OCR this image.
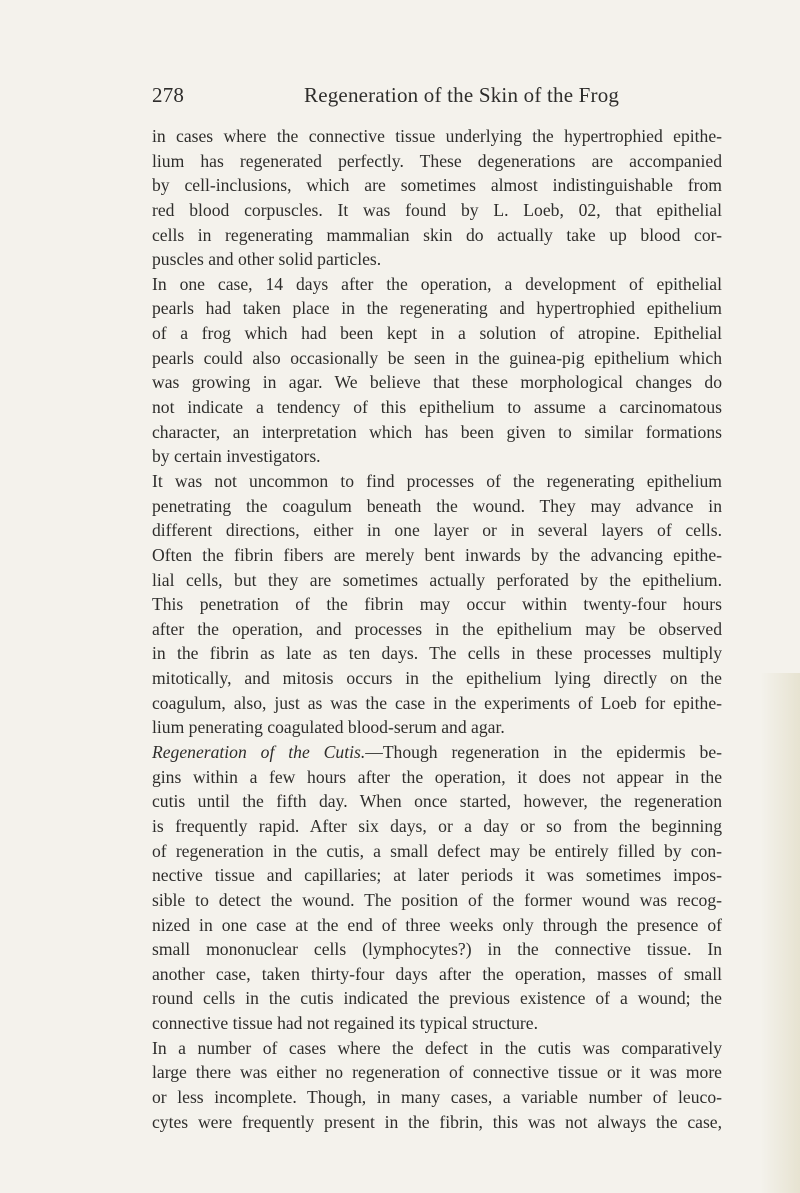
278	Regeneration of the Skin of the Frog
in cases where the connective tissue underlying the hypertrophied epithe-
lium has regenerated perfectly. These degenerations are accompanied
by cell-inclusions, which are sometimes almost indistinguishable from
red blood corpuscles. It was found by L. Loeb, 02, that epithelial
cells in regenerating mammalian skin do actually take up blood cor-
puscles and other solid particles.
In one case, 14 days after the operation, a development of epithelial
pearls had taken place in the regenerating and hypertrophied epithelium
of a frog which had been kept in a solution of atropine. Epithelial
pearls could also occasionally be seen in the guinea-pig epithelium which
was growing in agar. We believe that these morphological changes do
not indicate a tendency of this epithelium to assume a carcinomatous
character, an interpretation which has been given to similar formations
by certain investigators.
It was not uncommon to find processes of the regenerating epithelium
penetrating the coagulum beneath the wound. They may advance in
different directions, either in one layer or in several layers of cells.
Often the fibrin fibers are merely bent inwards by the advancing epithe-
lial cells, but they are sometimes actually perforated by the epithelium.
This penetration of the fibrin may occur within twenty-four hours
after the operation, and processes in the epithelium may be observed
in the fibrin as late as ten days. The cells in these processes multiply
mitotically, and mitosis occurs in the epithelium lying directly on the
coagulum, also, just as was the case in the experiments of Loeb for epithe-
lium penerating coagulated blood-serum and agar.
Regeneration of the Cutis.—Though regeneration in the epidermis be-
gins within a few hours after the operation, it does not appear in the
cutis until the fifth day. When once started, however, the regeneration
is frequently rapid. After six days, or a day or so from the beginning
of regeneration in the cutis, a small defect may be entirely filled by con-
nective tissue and capillaries; at later periods it was sometimes impos-
sible to detect the wound. The position of the former wound was recog-
nized in one case at the end of three weeks only through the presence of
small mononuclear cells (lymphocytes?) in the connective tissue. In
another case, taken thirty-four days after the operation, masses of small
round cells in the cutis indicated the previous existence of a wound; the
connective tissue had not regained its typical structure.
In a number of cases where the defect in the cutis was comparatively
large there was either no regeneration of connective tissue or it was more
or less incomplete. Though, in many cases, a variable number of leuco-
cytes were frequently present in the fibrin, this was not always the case,
